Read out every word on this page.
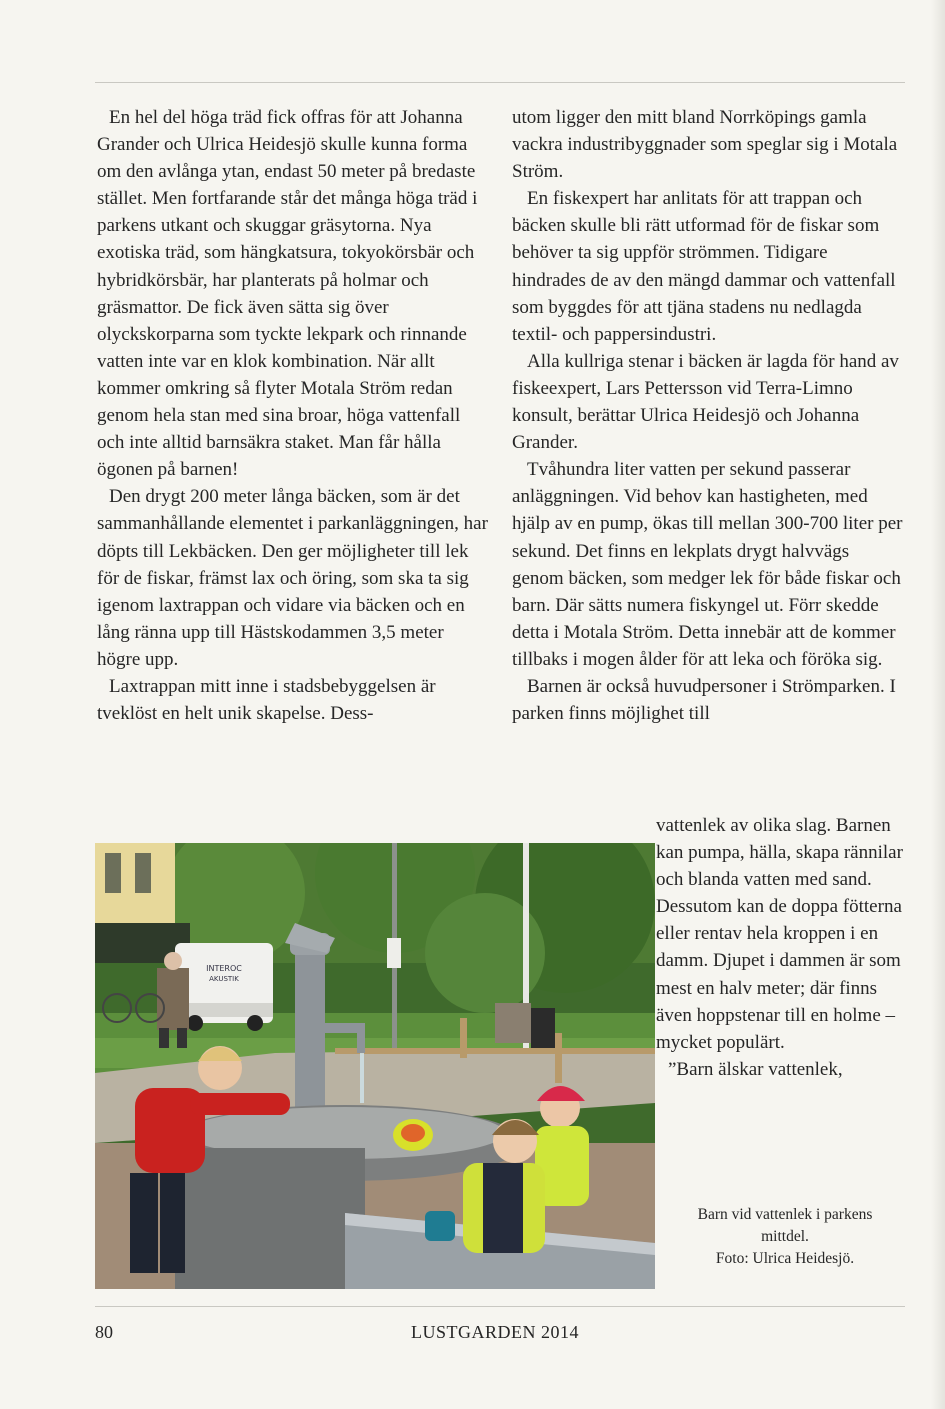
En hel del höga träd fick offras för att Johanna Grander och Ulrica Heidesjö skulle kunna forma om den avlånga ytan, endast 50 meter på bredaste stället. Men fortfarande står det många höga träd i parkens utkant och skuggar gräsytorna. Nya exotiska träd, som hängkatsura, tokyokörsbär och hybridkörsbär, har planterats på holmar och gräsmattor. De fick även sätta sig över olyckskorparna som tyckte lekpark och rinnande vatten inte var en klok kombination. När allt kommer omkring så flyter Motala Ström redan genom hela stan med sina broar, höga vattenfall och inte alltid barnsäkra staket. Man får hålla ögonen på barnen!

Den drygt 200 meter långa bäcken, som är det sammanhållande elementet i parkanläggningen, har döpts till Lekbäcken. Den ger möjligheter till lek för de fiskar, främst lax och öring, som ska ta sig igenom laxtrappan och vidare via bäcken och en lång ränna upp till Hästskodammen 3,5 meter högre upp.

Laxtrappan mitt inne i stadsbebyggelsen är tveklöst en helt unik skapelse. Dess-

utom ligger den mitt bland Norrköpings gamla vackra industribyggnader som speglar sig i Motala Ström.

En fiskexpert har anlitats för att trappan och bäcken skulle bli rätt utformad för de fiskar som behöver ta sig uppför strömmen. Tidigare hindrades de av den mängd dammar och vattenfall som byggdes för att tjäna stadens nu nedlagda textil- och pappersindustri.

Alla kullriga stenar i bäcken är lagda för hand av fiskeexpert, Lars Pettersson vid Terra-Limno konsult, berättar Ulrica Heidesjö och Johanna Grander.

Tvåhundra liter vatten per sekund passerar anläggningen. Vid behov kan hastigheten, med hjälp av en pump, ökas till mellan 300-700 liter per sekund. Det finns en lekplats drygt halvvägs genom bäcken, som medger lek för både fiskar och barn. Där sätts numera fiskyngel ut. Förr skedde detta i Motala Ström. Detta innebär att de kommer tillbaks i mogen ålder för att leka och föröka sig.

Barnen är också huvudpersoner i Strömparken. I parken finns möjlighet till

vattenlek av olika slag. Barnen kan pumpa, hälla, skapa rännilar och blanda vatten med sand. Dessutom kan de doppa fötterna eller rentav hela kroppen i en damm. Djupet i dammen är som mest en halv meter; där finns även hoppstenar till en holme – mycket populärt.

”Barn älskar vattenlek,

INTEROC
AKUSTIK
Barn vid vattenlek i parkens
mittdel.
Foto: Ulrica Heidesjö.
80	LUSTGARDEN 2014
